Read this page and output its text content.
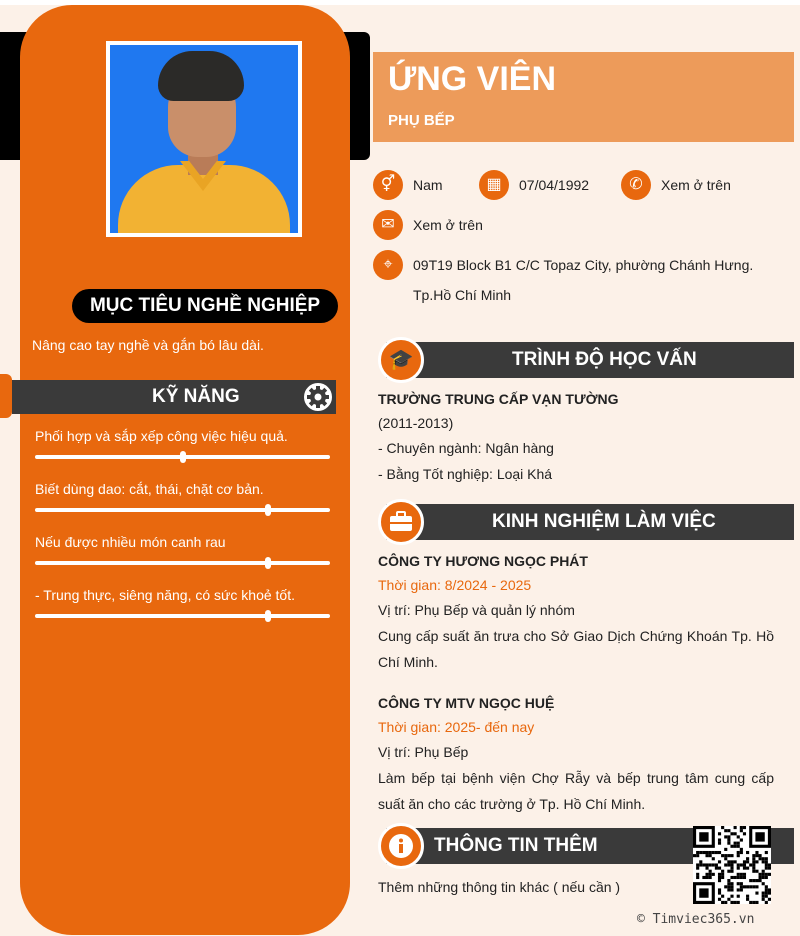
MỤC TIÊU NGHỀ NGHIỆP
Nâng cao tay nghề và gắn bó lâu dài.
KỸ NĂNG
Phối hợp và sắp xếp công việc hiệu quả.
Biết dùng dao: cắt, thái, chặt cơ bản.
Nếu được nhiều món canh rau
- Trung thực, siêng năng, có sức khoẻ tốt.
ỨNG VIÊN
PHỤ BẾP
⚥	Nam	▦	07/04/1992	✆	Xem ở trên
✉	Xem ở trên
⌖	09T19 Block B1 C/C Topaz City, phường Chánh Hưng.
Tp.Hồ Chí Minh
TRÌNH ĐỘ HỌC VẤN
🎓
TRƯỜNG TRUNG CẤP VẠN TƯỜNG
(2011-2013)
- Chuyên ngành: Ngân hàng
- Bằng Tốt nghiệp: Loại Khá
KINH NGHIỆM LÀM VIỆC
CÔNG TY HƯƠNG NGỌC PHÁT
Thời gian: 8/2024 - 2025
Vị trí: Phụ Bếp và quản lý nhóm
Cung cấp suất ăn trưa cho Sở Giao Dịch Chứng Khoán Tp. Hồ Chí Minh.
CÔNG TY MTV NGỌC HUỆ
Thời gian: 2025- đến nay
Vị trí: Phụ Bếp
Làm bếp tại bệnh viện Chợ Rẫy và bếp trung tâm cung cấp suất ăn cho các trường ở Tp. Hồ Chí Minh.
THÔNG TIN THÊM
Thêm những thông tin khác ( nếu cần )
© Timviec365.vn
